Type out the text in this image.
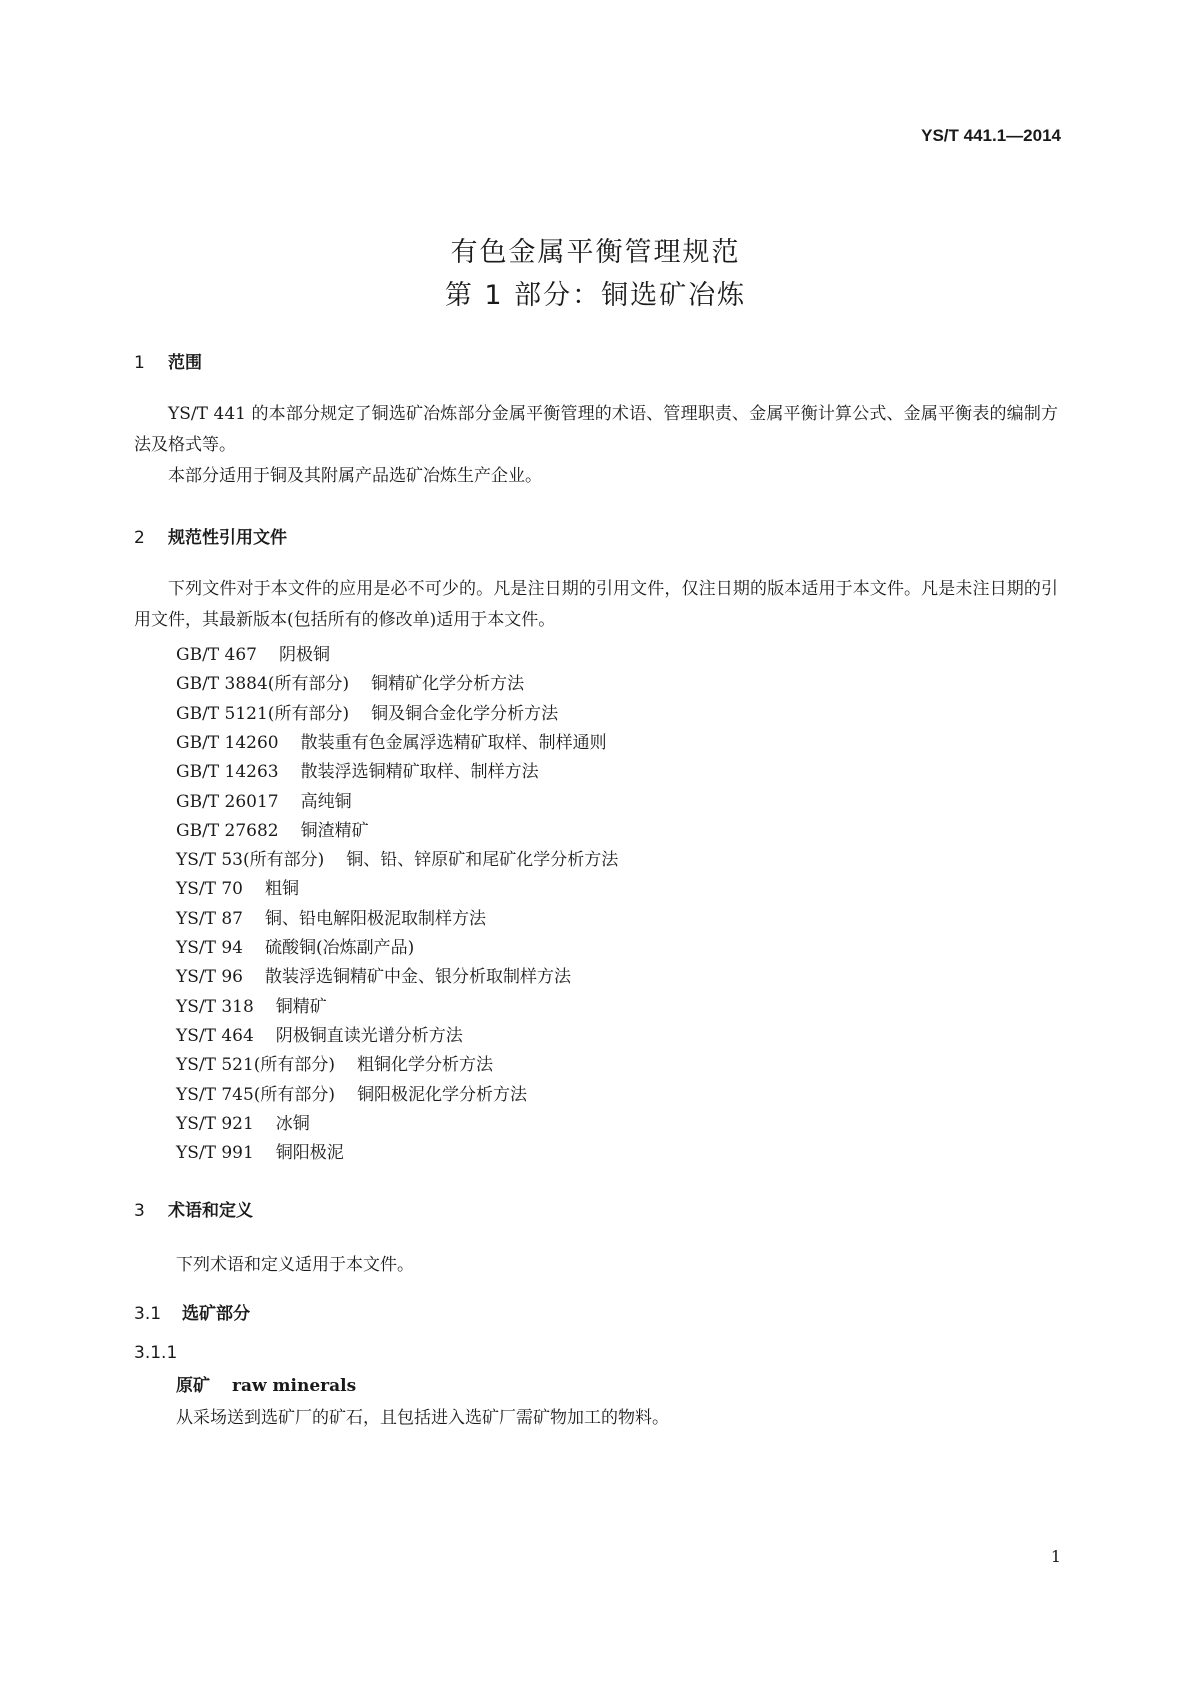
YS/T 441.1—2014
有色金属平衡管理规范
第 1 部分：铜选矿冶炼
1 范围
YS/T 441 的本部分规定了铜选矿冶炼部分金属平衡管理的术语、管理职责、金属平衡计算公式、金属平衡表的编制方法及格式等。
本部分适用于铜及其附属产品选矿冶炼生产企业。
2 规范性引用文件
下列文件对于本文件的应用是必不可少的。凡是注日期的引用文件，仅注日期的版本适用于本文件。凡是未注日期的引用文件，其最新版本(包括所有的修改单)适用于本文件。
GB/T 467 阴极铜
GB/T 3884(所有部分) 铜精矿化学分析方法
GB/T 5121(所有部分) 铜及铜合金化学分析方法
GB/T 14260 散装重有色金属浮选精矿取样、制样通则
GB/T 14263 散装浮选铜精矿取样、制样方法
GB/T 26017 高纯铜
GB/T 27682 铜渣精矿
YS/T 53(所有部分) 铜、铅、锌原矿和尾矿化学分析方法
YS/T 70 粗铜
YS/T 87 铜、铅电解阳极泥取制样方法
YS/T 94 硫酸铜(冶炼副产品)
YS/T 96 散装浮选铜精矿中金、银分析取制样方法
YS/T 318 铜精矿
YS/T 464 阴极铜直读光谱分析方法
YS/T 521(所有部分) 粗铜化学分析方法
YS/T 745(所有部分) 铜阳极泥化学分析方法
YS/T 921 冰铜
YS/T 991 铜阳极泥
3 术语和定义
下列术语和定义适用于本文件。
3.1 选矿部分
3.1.1
原矿 raw minerals
从采场送到选矿厂的矿石，且包括进入选矿厂需矿物加工的物料。
1
